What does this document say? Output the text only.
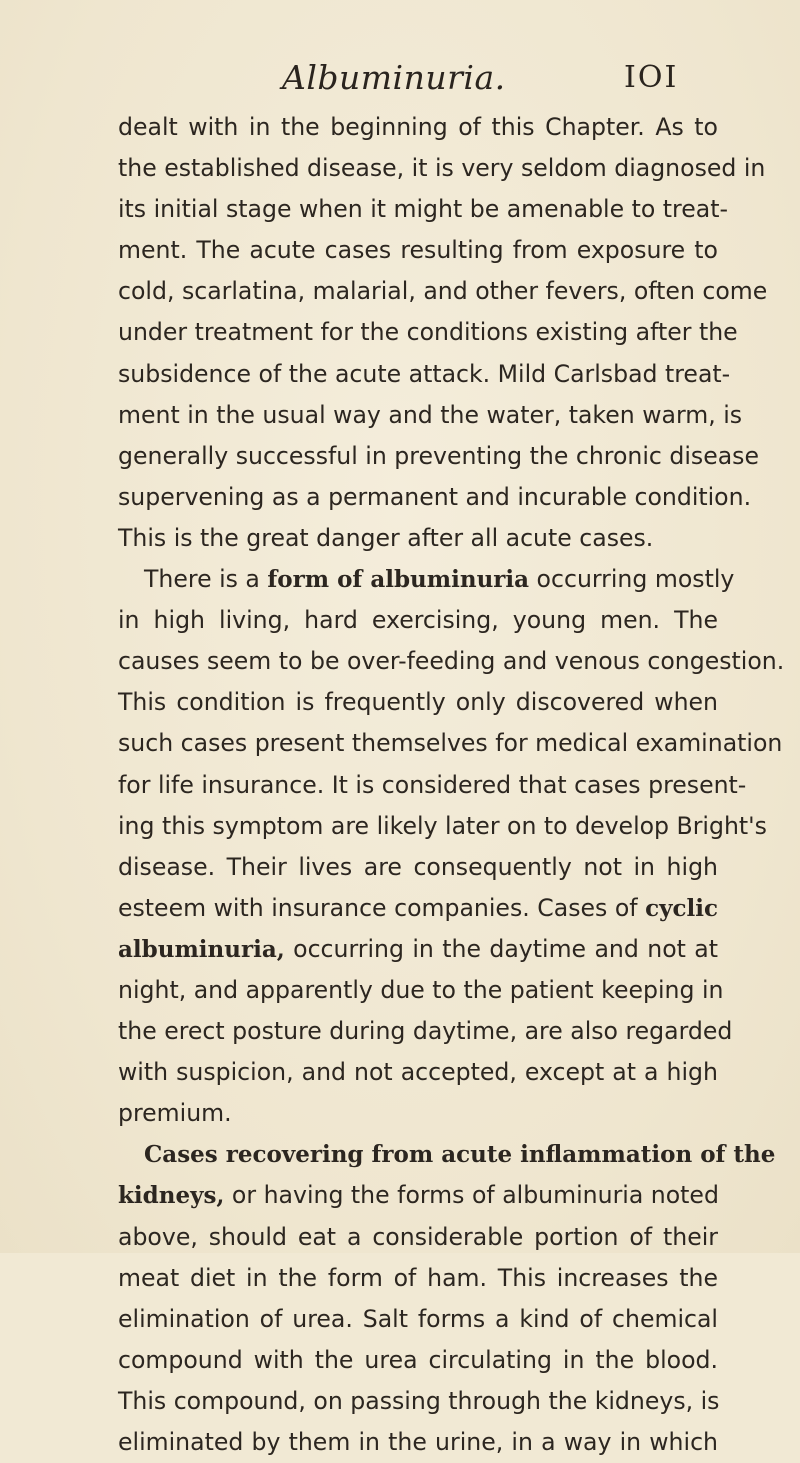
Albuminuria.	IOI
dealt with in the beginning of this Chapter. As to
the established disease, it is very seldom diagnosed in
its initial stage when it might be amenable to treat-
ment. The acute cases resulting from exposure to
cold, scarlatina, malarial, and other fevers, often come
under treatment for the conditions existing after the
subsidence of the acute attack. Mild Carlsbad treat-
ment in the usual way and the water, taken warm, is
generally successful in preventing the chronic disease
supervening as a permanent and incurable condition.
This is the great danger after all acute cases.
There is a form of albuminuria occurring mostly
in high living, hard exercising, young men. The
causes seem to be over-feeding and venous congestion.
This condition is frequently only discovered when
such cases present themselves for medical examination
for life insurance. It is considered that cases present-
ing this symptom are likely later on to develop Bright's
disease. Their lives are consequently not in high
esteem with insurance companies. Cases of cyclic
albuminuria, occurring in the daytime and not at
night, and apparently due to the patient keeping in
the erect posture during daytime, are also regarded
with suspicion, and not accepted, except at a high
premium.
Cases recovering from acute inflammation of the
kidneys, or having the forms of albuminuria noted
above, should eat a considerable portion of their
meat diet in the form of ham. This increases the
elimination of urea. Salt forms a kind of chemical
compound with the urea circulating in the blood.
This compound, on passing through the kidneys, is
eliminated by them in the urine, in a way in which
